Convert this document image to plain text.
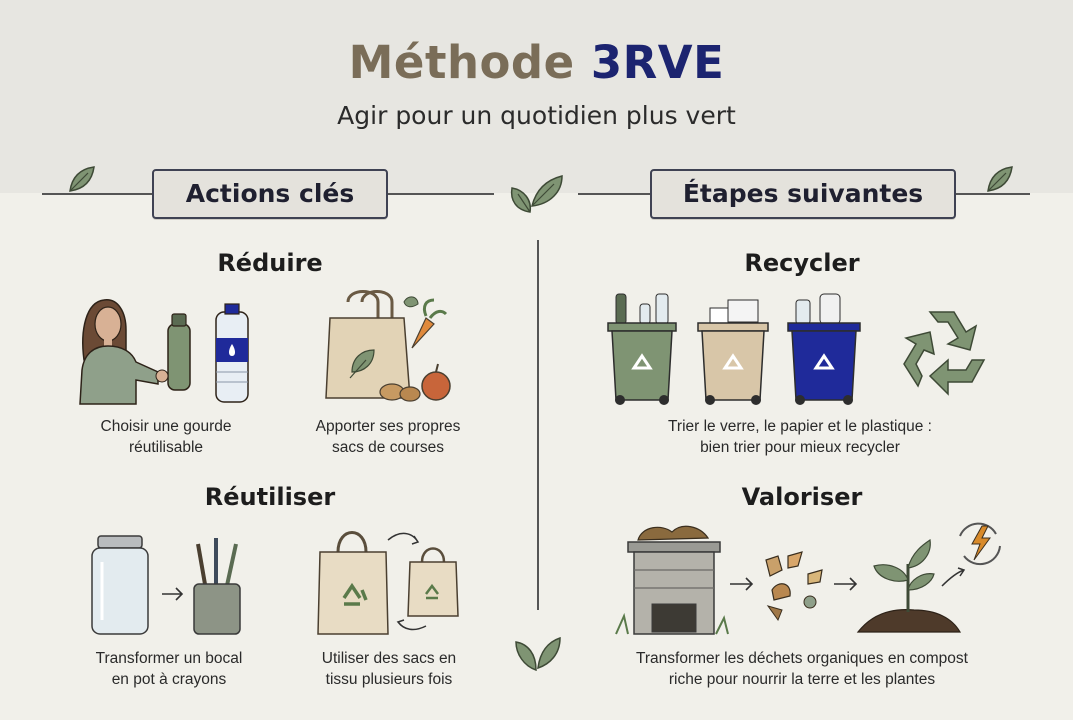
Méthode 3RVE
Agir pour un quotidien plus vert
Actions clés	Étapes suivantes
Réduire
Choisir une gourde
réutilisable
Apporter ses propres
sacs de courses
Réutiliser
Transformer un bocal
en pot à crayons
Utiliser des sacs en
tissu plusieurs fois
Recycler
Trier le verre, le papier et le plastique :
bien trier pour mieux recycler
Valoriser
Transformer les déchets organiques en compost
riche pour nourrir la terre et les plantes
